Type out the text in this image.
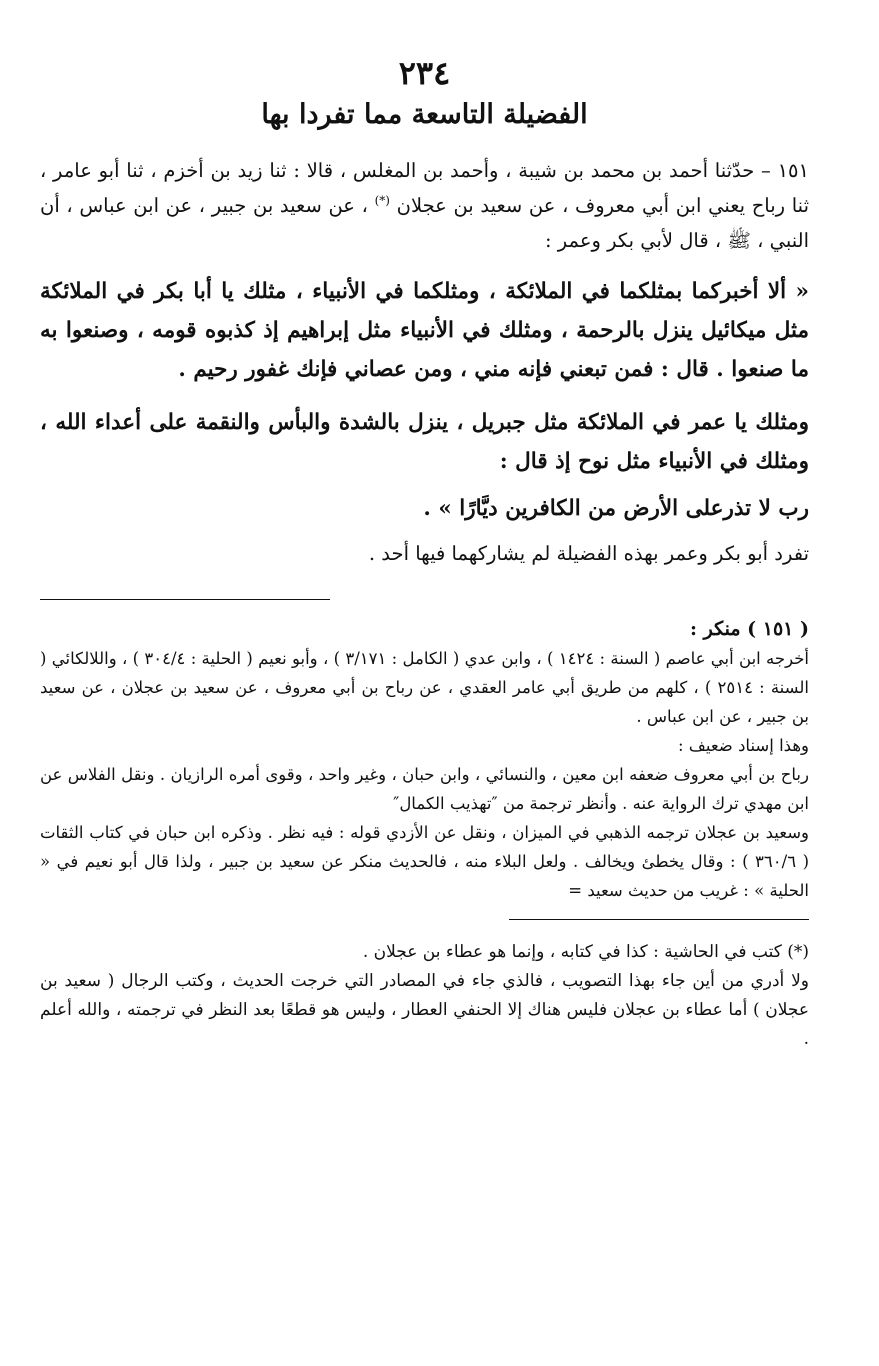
٢٣٤
الفضيلة التاسعة مما تفردا بها
١٥١ – حدّثنا أحمد بن محمد بن شيبة ، وأحمد بن المغلس ، قالا : ثنا زيد بن أخزم ، ثنا أبو عامر ، ثنا رباح يعني ابن أبي معروف ، عن سعيد بن عجلان (*) ، عن سعيد بن جبير ، عن ابن عباس ، أن النبي ، ﷺ ، قال لأبي بكر وعمر :
« ألا أخبركما بمثلكما في الملائكة ، ومثلكما في الأنبياء ، مثلك يا أبا بكر في الملائكة مثل ميكائيل ينزل بالرحمة ، ومثلك في الأنبياء مثل إبراهيم إذ كذبوه قومه ، وصنعوا به ما صنعوا . قال : فمن تبعني فإنه مني ، ومن عصاني فإنك غفور رحيم .
ومثلك يا عمر في الملائكة مثل جبريل ، ينزل بالشدة والبأس والنقمة على أعداء الله ، ومثلك في الأنبياء مثل نوح إذ قال :
رب لا تذرعلى الأرض من الكافرين ديَّارًا » .
تفرد أبو بكر وعمر بهذه الفضيلة لم يشاركهما فيها أحد .
( ١٥١ ) منكر :
أخرجه ابن أبي عاصم ( السنة : ١٤٢٤ ) ، وابن عدي ( الكامل : ٣/١٧١ ) ، وأبو نعيم ( الحلية : ٣٠٤/٤ ) ، واللالكائي ( السنة : ٢٥١٤ ) ، كلهم من طريق أبي عامر العقدي ، عن رباح بن أبي معروف ، عن سعيد بن عجلان ، عن سعيد بن جبير ، عن ابن عباس .
وهذا إسناد ضعيف :
رباح بن أبي معروف ضعفه ابن معين ، والنسائي ، وابن حبان ، وغير واحد ، وقوى أمره الرازيان . ونقل الفلاس عن ابن مهدي ترك الرواية عنه . وأنظر ترجمة من ″تهذيب الكمال″
وسعيد بن عجلان ترجمه الذهبي في الميزان ، ونقل عن الأزدي قوله : فيه نظر . وذكره ابن حبان في كتاب الثقات ( ٣٦٠/٦ ) : وقال يخطئ ويخالف . ولعل البلاء منه ، فالحديث منكر عن سعيد بن جبير ، ولذا قال أبو نعيم في « الحلية » : غريب من حديث سعيد =
(*) كتب في الحاشية : كذا في كتابه ، وإنما هو عطاء بن عجلان .
ولا أدري من أين جاء بهذا التصويب ، فالذي جاء في المصادر التي خرجت الحديث ، وكتب الرجال ( سعيد بن عجلان ) أما عطاء بن عجلان فليس هناك إلا الحنفي العطار ، وليس هو قطعًا بعد النظر في ترجمته ، والله أعلم .
